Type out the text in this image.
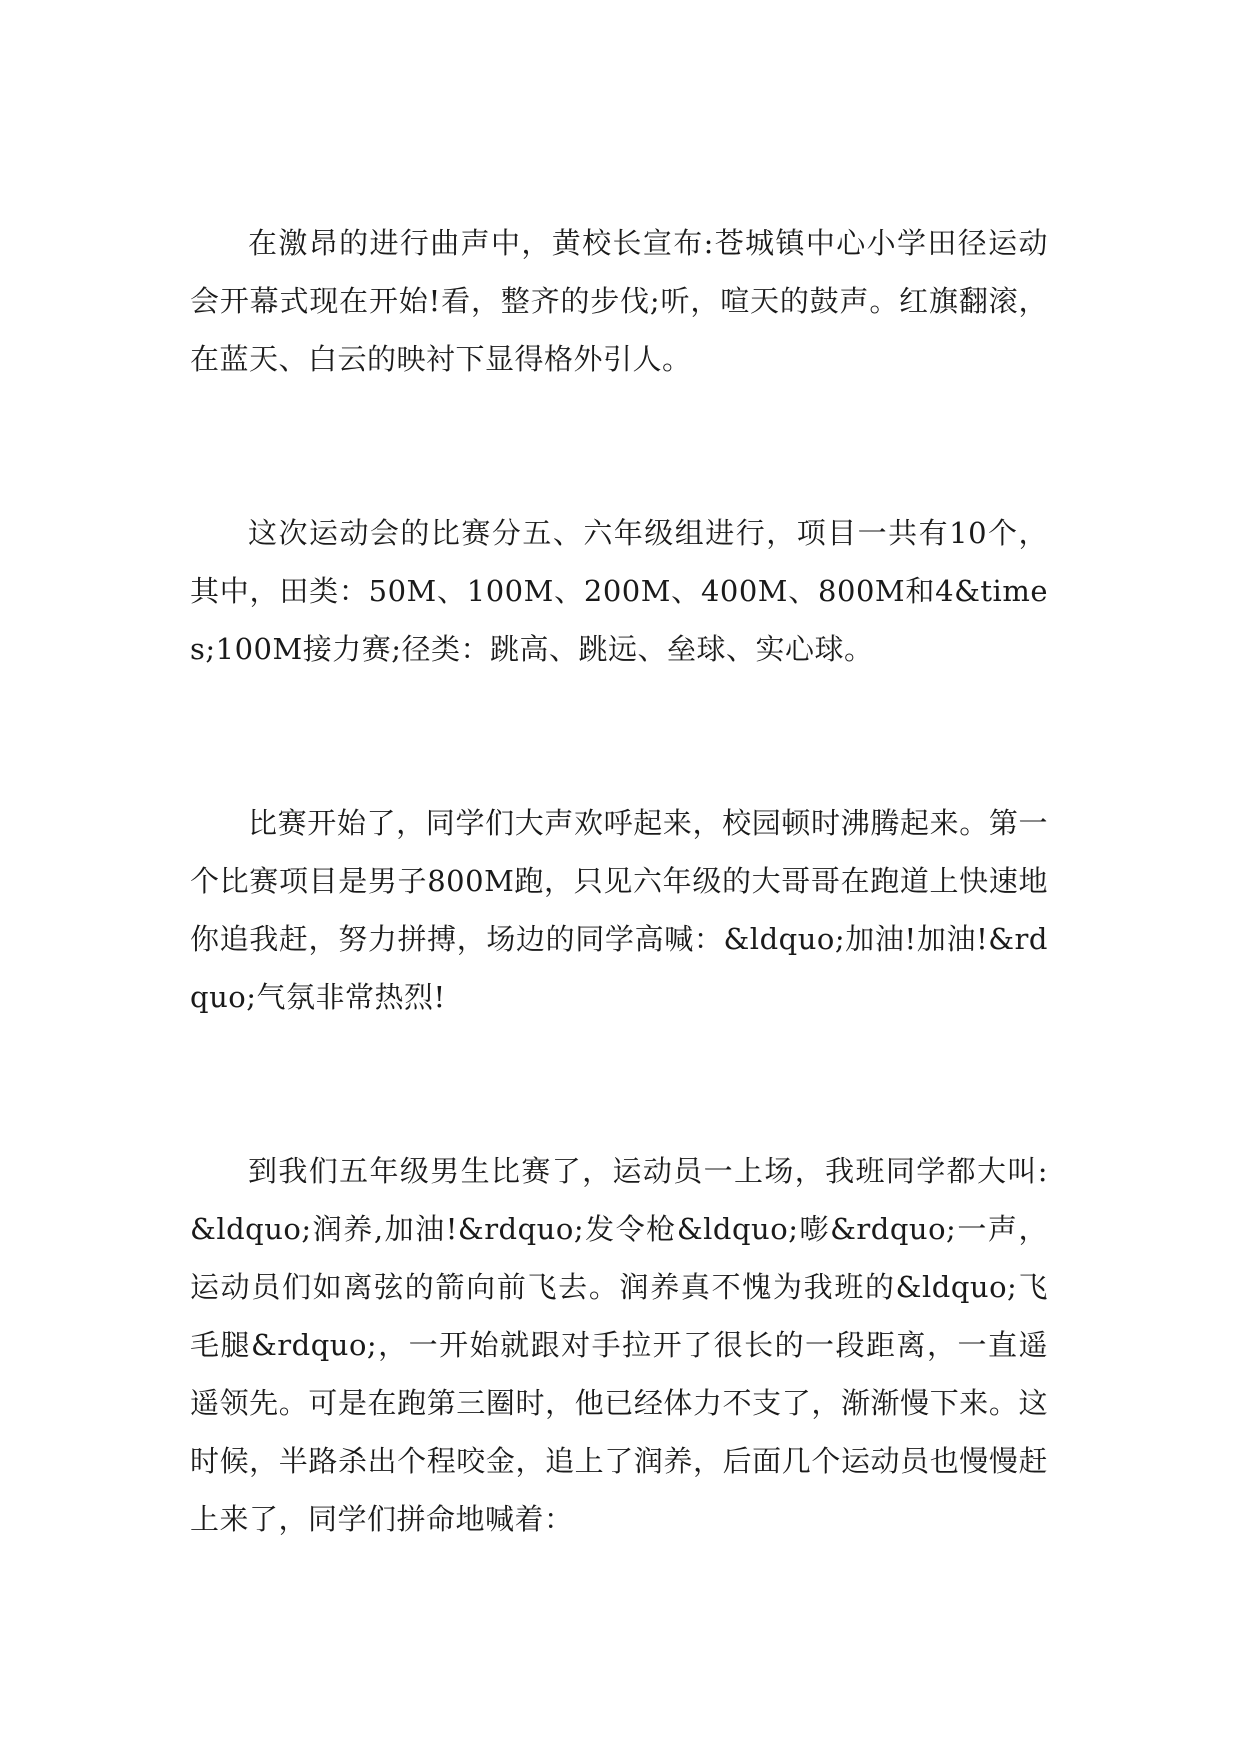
在激昂的进行曲声中，黄校长宣布:苍城镇中心小学田径运动会开幕式现在开始!看，整齐的步伐;听，喧天的鼓声。红旗翻滚，在蓝天、白云的映衬下显得格外引人。

这次运动会的比赛分五、六年级组进行，项目一共有10个，其中，田类：50M、100M、200M、400M、800M和4&times;100M接力赛;径类：跳高、跳远、垒球、实心球。

比赛开始了，同学们大声欢呼起来，校园顿时沸腾起来。第一个比赛项目是男子800M跑，只见六年级的大哥哥在跑道上快速地你追我赶，努力拼搏，场边的同学高喊：&ldquo;加油!加油!&rdquo;气氛非常热烈!

到我们五年级男生比赛了，运动员一上场，我班同学都大叫:&ldquo;润养,加油!&rdquo;发令枪&ldquo;嘭&rdquo;一声，运动员们如离弦的箭向前飞去。润养真不愧为我班的&ldquo;飞毛腿&rdquo;，一开始就跟对手拉开了很长的一段距离，一直遥遥领先。可是在跑第三圈时，他已经体力不支了，渐渐慢下来。这时候，半路杀出个程咬金，追上了润养，后面几个运动员也慢慢赶上来了，同学们拼命地喊着：
